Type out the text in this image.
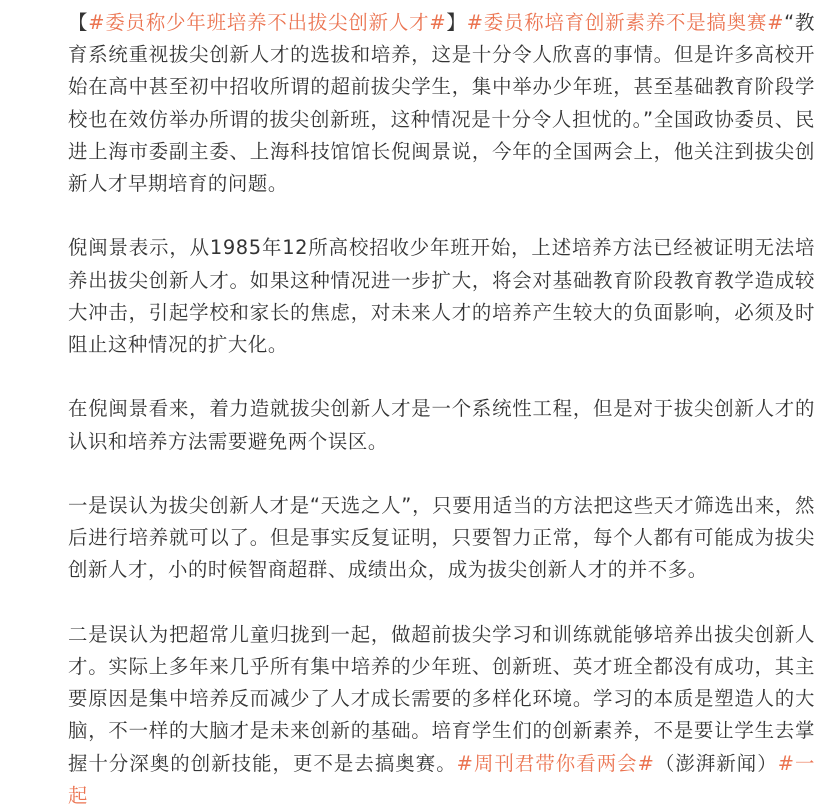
【#委员称少年班培养不出拔尖创新人才#】#委员称培育创新素养不是搞奥赛#“教育系统重视拔尖创新人才的选拔和培养，这是十分令人欣喜的事情。但是许多高校开始在高中甚至初中招收所谓的超前拔尖学生，集中举办少年班，甚至基础教育阶段学校也在效仿举办所谓的拔尖创新班，这种情况是十分令人担忧的。”全国政协委员、民进上海市委副主委、上海科技馆馆长倪闽景说，今年的全国两会上，他关注到拔尖创新人才早期培育的问题。

倪闽景表示，从1985年12所高校招收少年班开始，上述培养方法已经被证明无法培养出拔尖创新人才。如果这种情况进一步扩大，将会对基础教育阶段教育教学造成较大冲击，引起学校和家长的焦虑，对未来人才的培养产生较大的负面影响，必须及时阻止这种情况的扩大化。

在倪闽景看来，着力造就拔尖创新人才是一个系统性工程，但是对于拔尖创新人才的认识和培养方法需要避免两个误区。

一是误认为拔尖创新人才是“天选之人”，只要用适当的方法把这些天才筛选出来，然后进行培养就可以了。但是事实反复证明，只要智力正常，每个人都有可能成为拔尖创新人才，小的时候智商超群、成绩出众，成为拔尖创新人才的并不多。

二是误认为把超常儿童归拢到一起，做超前拔尖学习和训练就能够培养出拔尖创新人才。实际上多年来几乎所有集中培养的少年班、创新班、英才班全都没有成功，其主要原因是集中培养反而减少了人才成长需要的多样化环境。学习的本质是塑造人的大脑，不一样的大脑才是未来创新的基础。培育学生们的创新素养，不是要让学生去掌握十分深奥的创新技能，更不是去搞奥赛。#周刊君带你看两会#（澎湃新闻）#一起
